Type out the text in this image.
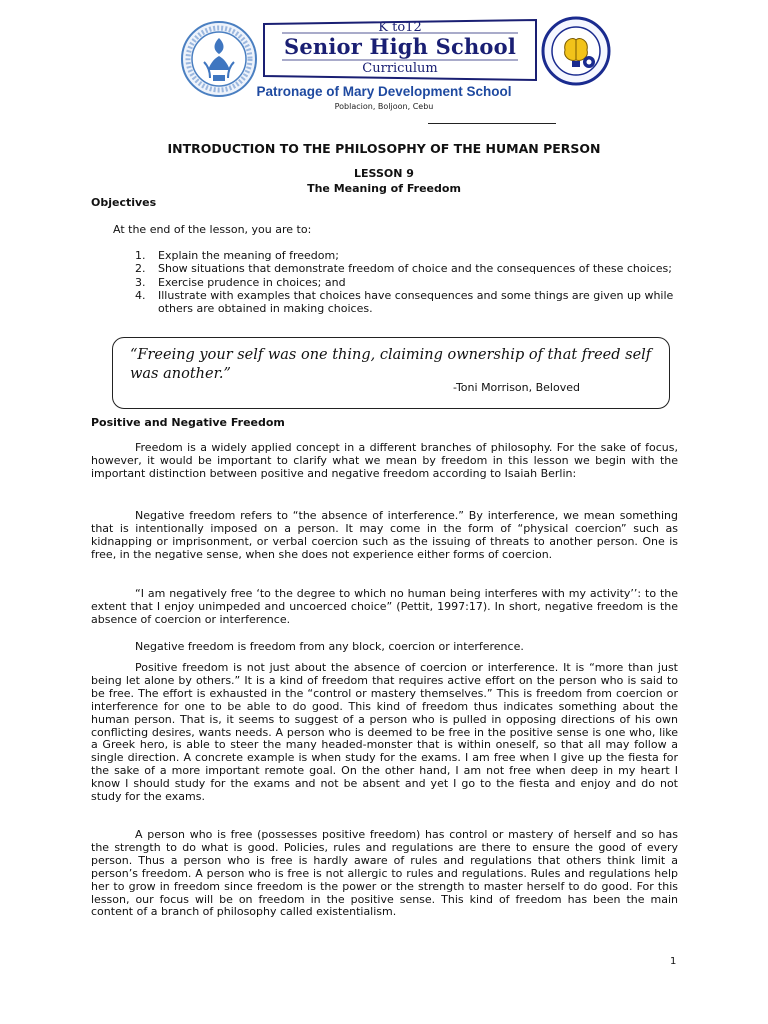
K to12
Senior High School
Curriculum
Patronage of Mary Development School
Poblacion, Boljoon, Cebu
INTRODUCTION TO THE PHILOSOPHY OF THE HUMAN PERSON
LESSON 9
The Meaning of Freedom
Objectives
At the end of the lesson, you are to:
1.	Explain the meaning of freedom;
2.	Show situations that demonstrate freedom of choice and the consequences of these choices;
3.	Exercise prudence in choices; and
4.	Illustrate with examples that choices have consequences and some things are given up while others are obtained in making choices.
“Freeing your self was one thing, claiming ownership of that freed self was another.”
-Toni Morrison, Beloved
Positive and Negative Freedom

Freedom is a widely applied concept in a different branches of philosophy. For the sake of focus, however, it would be important to clarify what we mean by freedom in this lesson we begin with the important distinction between positive and negative freedom according to Isaiah Berlin:

Negative freedom refers to “the absence of interference.” By interference, we mean something that is intentionally imposed on a person. It may come in the form of “physical coercion” such as kidnapping or imprisonment, or verbal coercion such as the issuing of threats to another person. One is free, in the negative sense, when she does not experience either forms of coercion.

“I am negatively free ‘to the degree to which no human being interferes with my activity’’: to the extent that I enjoy unimpeded and uncoerced choice” (Pettit, 1997:17). In short, negative freedom is the absence of coercion or interference.

Negative freedom is freedom from any block, coercion or interference.

Positive freedom is not just about the absence of coercion or interference. It is “more than just being let alone by others.” It is a kind of freedom that requires active effort on the person who is said to be free. The effort is exhausted in the “control or mastery themselves.” This is freedom from coercion or interference for one to be able to do good. This kind of freedom thus indicates something about the human person. That is, it seems to suggest of a person who is pulled in opposing directions of his own conflicting desires, wants needs. A person who is deemed to be free in the positive sense is one who, like a Greek hero, is able to steer the many headed-monster that is within oneself, so that all may follow a single direction. A concrete example is when study for the exams. I am free when I give up the fiesta for the sake of a more important remote goal. On the other hand, I am not free when deep in my heart I know I should study for the exams and not be absent and yet I go to the fiesta and enjoy and do not study for the exams.

A person who is free (possesses positive freedom) has control or mastery of herself and so has the strength to do what is good. Policies, rules and regulations are there to ensure the good of every person. Thus a person who is free is hardly aware of rules and regulations that others think limit a person’s freedom. A person who is free is not allergic to rules and regulations. Rules and regulations help her to grow in freedom since freedom is the power or the strength to master herself to do good. For this lesson, our focus will be on freedom in the positive sense. This kind of freedom has been the main content of a branch of philosophy called existentialism.

1
